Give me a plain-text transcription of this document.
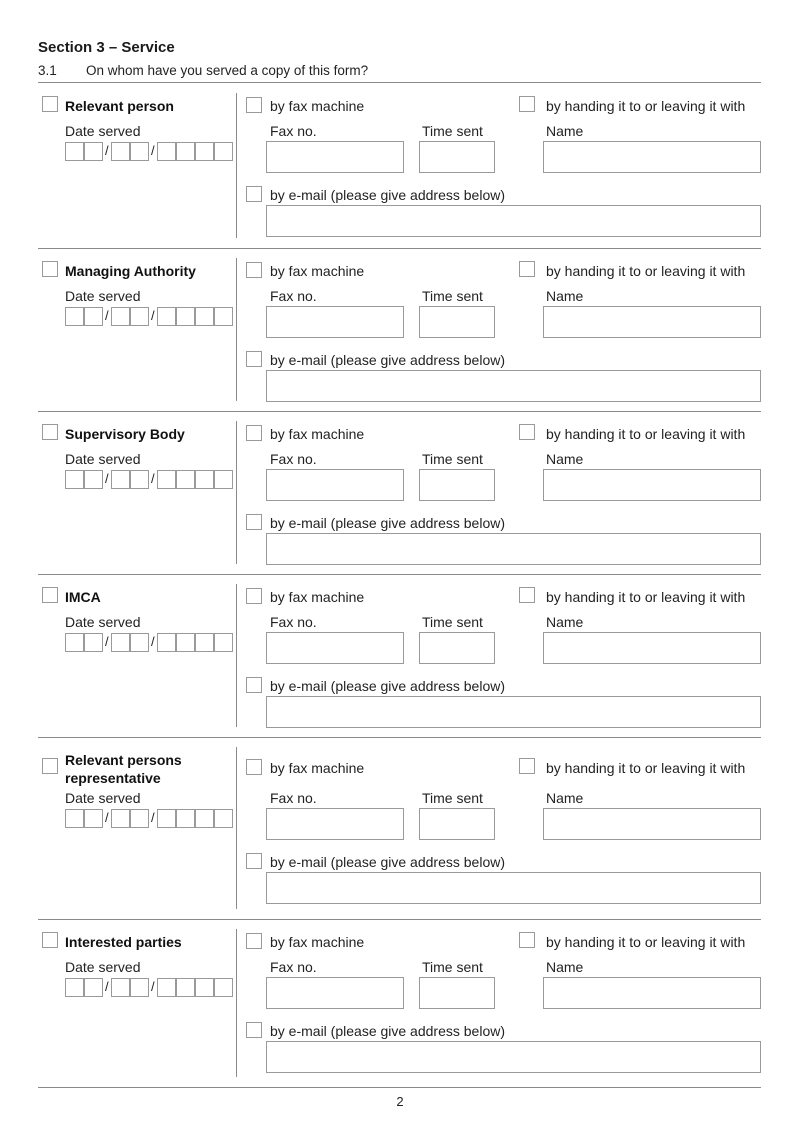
Section 3 – Service
3.1 On whom have you served a copy of this form?
Relevant person
Date served
/	/
by fax machine	by handing it to or leaving it with
Fax no.	Time sent	Name
by e-mail (please give address below)
Managing Authority
Date served
/	/
by fax machine	by handing it to or leaving it with
Fax no.	Time sent	Name
by e-mail (please give address below)
Supervisory Body
Date served
/	/
by fax machine	by handing it to or leaving it with
Fax no.	Time sent	Name
by e-mail (please give address below)
IMCA
Date served
/	/
by fax machine	by handing it to or leaving it with
Fax no.	Time sent	Name
by e-mail (please give address below)
Relevant persons
representative
Date served
/	/
by fax machine	by handing it to or leaving it with
Fax no.	Time sent	Name
by e-mail (please give address below)
Interested parties
Date served
/	/
by fax machine	by handing it to or leaving it with
Fax no.	Time sent	Name
by e-mail (please give address below)
2
